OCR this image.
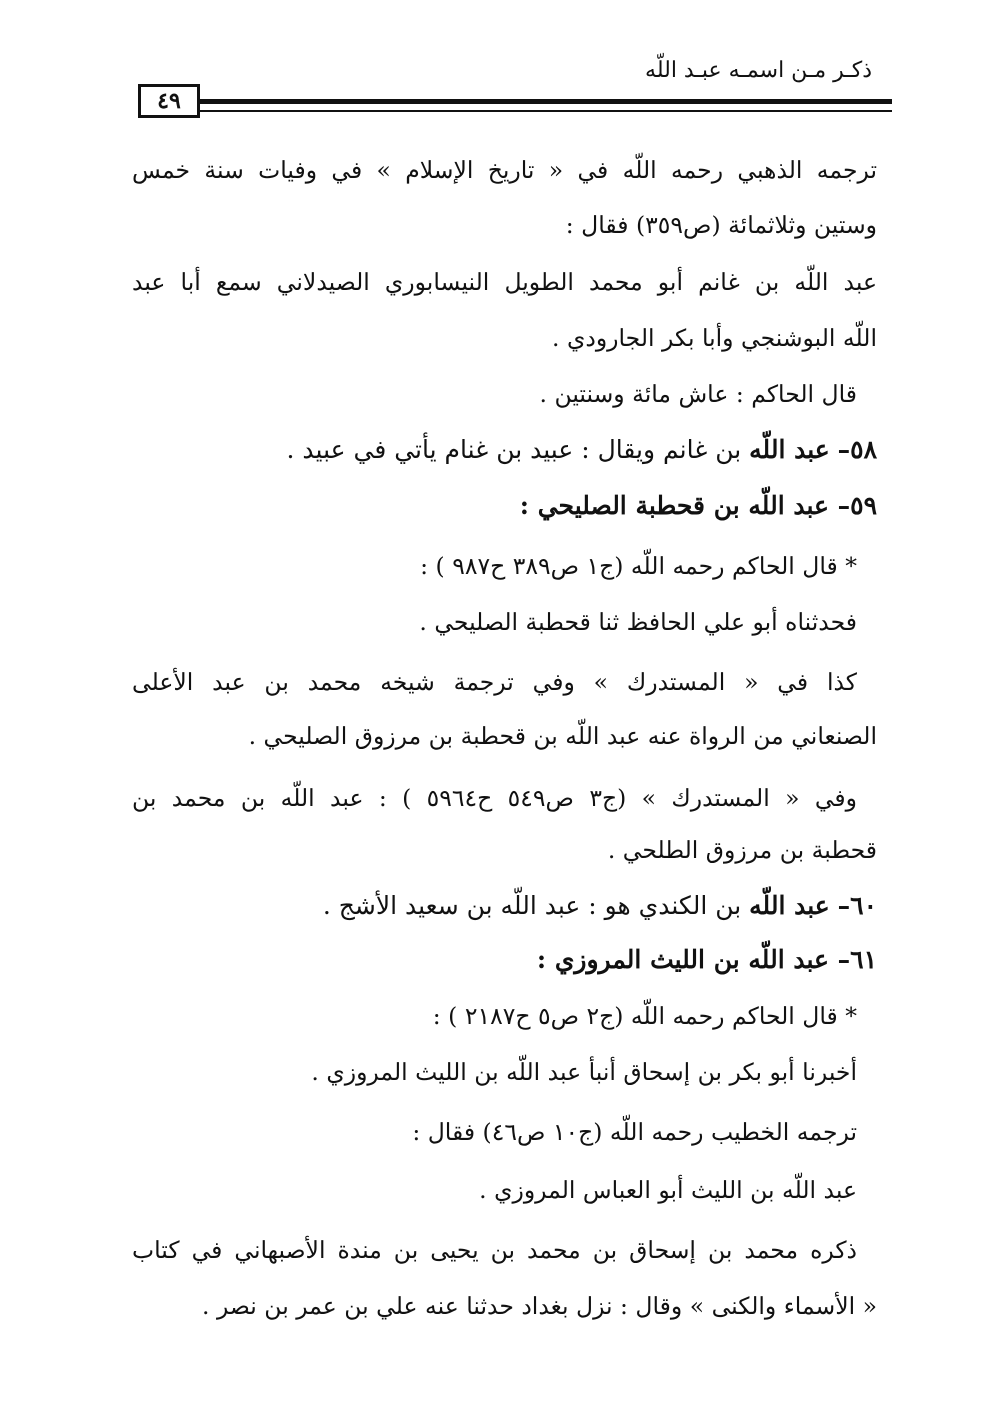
ذكـر مـن اسمـه عبـد اللّه
٤٩
ترجمه الذهبي رحمه اللّه في « تاريخ الإسلام » في وفيات سنة خمس
وستين وثلاثمائة (ص٣٥٩) فقال :
عبد اللّه بن غانم أبو محمد الطويل النيسابوري الصيدلاني سمع أبا عبد
اللّه البوشنجي وأبا بكر الجارودي .
قال الحاكم : عاش مائة وسنتين .
٥٨– عبد اللّه بن غانم ويقال : عبيد بن غنام يأتي في عبيد .
٥٩– عبد اللّه بن قحطبة الصليحي :
* قال الحاكم رحمه اللّه (ج١ ص٣٨٩ ح٩٨٧ ) :
فحدثناه أبو علي الحافظ ثنا قحطبة الصليحي .
كذا في « المستدرك » وفي ترجمة شيخه محمد بن عبد الأعلى
الصنعاني من الرواة عنه عبد اللّه بن قحطبة بن مرزوق الصليحي .
وفي « المستدرك » (ج٣ ص٥٤٩ ح٥٩٦٤ ) : عبد اللّه بن محمد بن
قحطبة بن مرزوق الطلحي .
٦٠– عبد اللّه بن الكندي هو : عبد اللّه بن سعيد الأشج .
٦١– عبد اللّه بن الليث المروزي :
* قال الحاكم رحمه اللّه (ج٢ ص٥ ح٢١٨٧ ) :
أخبرنا أبو بكر بن إسحاق أنبأ عبد اللّه بن الليث المروزي .
ترجمه الخطيب رحمه اللّه (ج١٠ ص٤٦) فقال :
عبد اللّه بن الليث أبو العباس المروزي .
ذكره محمد بن إسحاق بن محمد بن يحيى بن مندة الأصبهاني في كتاب
« الأسماء والكنى » وقال : نزل بغداد حدثنا عنه علي بن عمر بن نصر .
